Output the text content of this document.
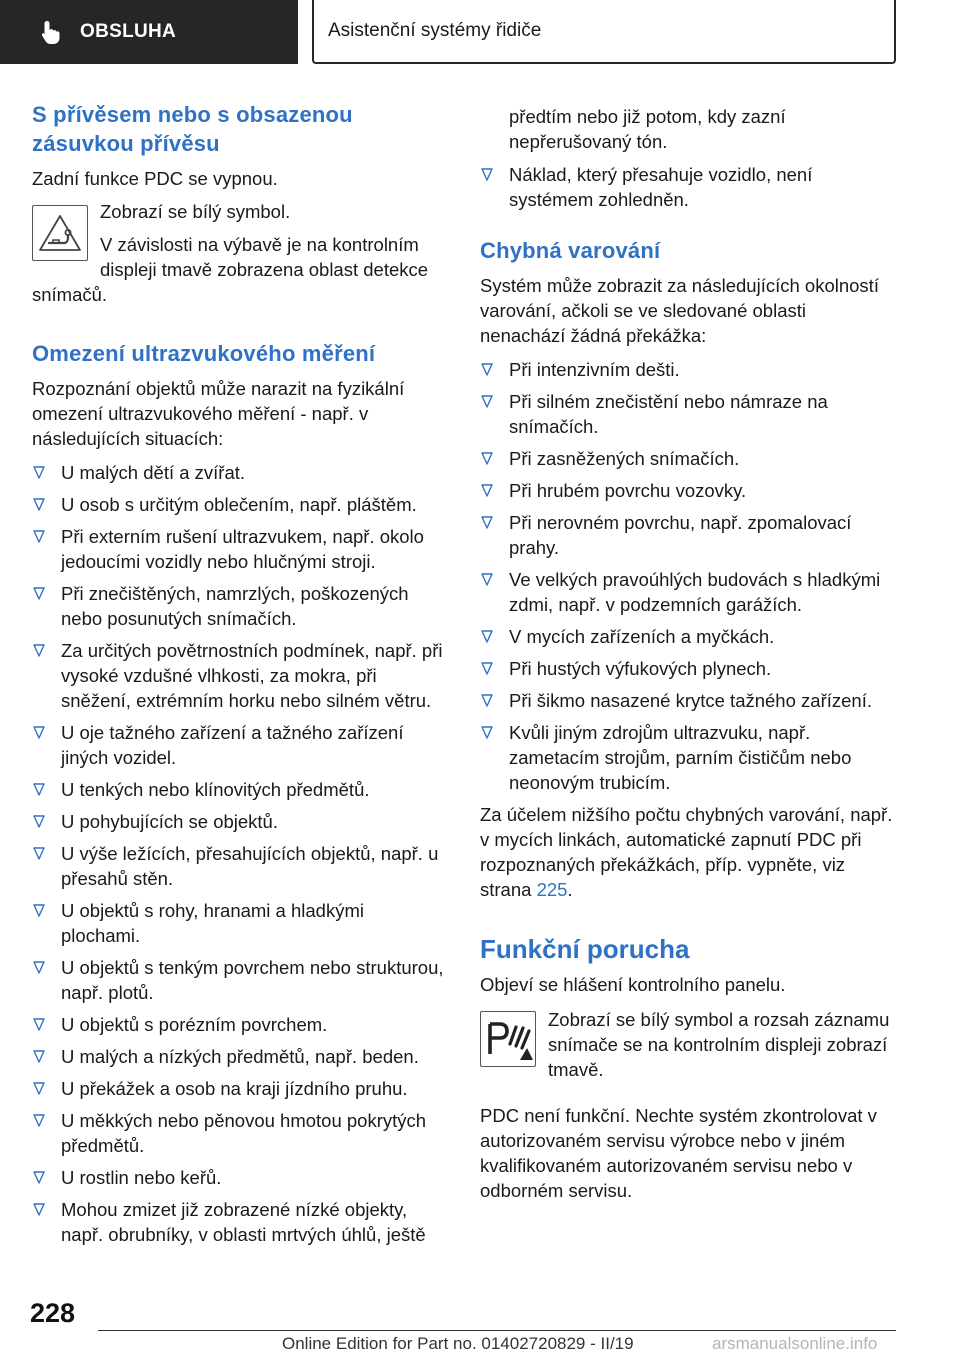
OBSLUHA	Asistenční systémy řidiče
S přívěsem nebo s obsazenou zásuvkou přívěsu

Zadní funkce PDC se vypnou.

Zobrazí se bílý symbol.

V závislosti na výbavě je na kontrolním displeji tmavě zobrazena oblast detekce

snímačů.

Omezení ultrazvukového měření

Rozpoznání objektů může narazit na fyzikální omezení ultrazvukového měření - např. v následujících situacích:

U malých dětí a zvířat.
U osob s určitým oblečením, např. pláštěm.
Při externím rušení ultrazvukem, např. okolo jedoucími vozidly nebo hlučnými stroji.
Při znečištěných, namrzlých, poškozených nebo posunutých snímačích.
Za určitých povětrnostních podmínek, např. při vysoké vzdušné vlhkosti, za mokra, při sněžení, extrémním horku nebo silném větru.
U oje tažného zařízení a tažného zařízení jiných vozidel.
U tenkých nebo klínovitých předmětů.
U pohybujících se objektů.
U výše ležících, přesahujících objektů, např. u přesahů stěn.
U objektů s rohy, hranami a hladkými plochami.
U objektů s tenkým povrchem nebo strukturou, např. plotů.
U objektů s porézním povrchem.
U malých a nízkých předmětů, např. beden.
U překážek a osob na kraji jízdního pruhu.
U měkkých nebo pěnovou hmotou pokrytých předmětů.
U rostlin nebo keřů.
Mohou zmizet již zobrazené nízké objekty, např. obrubníky, v oblasti mrtvých úhlů, ještě

předtím nebo již potom, kdy zazní nepřerušovaný tón.

Náklad, který přesahuje vozidlo, není systémem zohledněn.
Chybná varování

Systém může zobrazit za následujících okolností varování, ačkoli se ve sledované oblasti nenachází žádná překážka:

Při intenzivním dešti.
Při silném znečistění nebo námraze na snímačích.
Při zasněžených snímačích.
Při hrubém povrchu vozovky.
Při nerovném povrchu, např. zpomalovací prahy.
Ve velkých pravoúhlých budovách s hladkými zdmi, např. v podzemních garážích.
V mycích zařízeních a myčkách.
Při hustých výfukových plynech.
Při šikmo nasazené krytce tažného zařízení.
Kvůli jiným zdrojům ultrazvuku, např. zametacím strojům, parním čističům nebo neonovým trubicím.

Za účelem nižšího počtu chybných varování, např. v mycích linkách, automatické zapnutí PDC při rozpoznaných překážkách, příp. vypněte, viz strana 225.

Funkční porucha

Objeví se hlášení kontrolního panelu.

Zobrazí se bílý symbol a rozsah záznamu snímače se na kontrolním displeji zobrazí tmavě.

PDC není funkční. Nechte systém zkontrolovat v autorizovaném servisu výrobce nebo v jiném kvalifikovaném autorizovaném servisu nebo v odborném servisu.

228
Online Edition for Part no. 01402720829 - II/19	arsmanualsonline.info
